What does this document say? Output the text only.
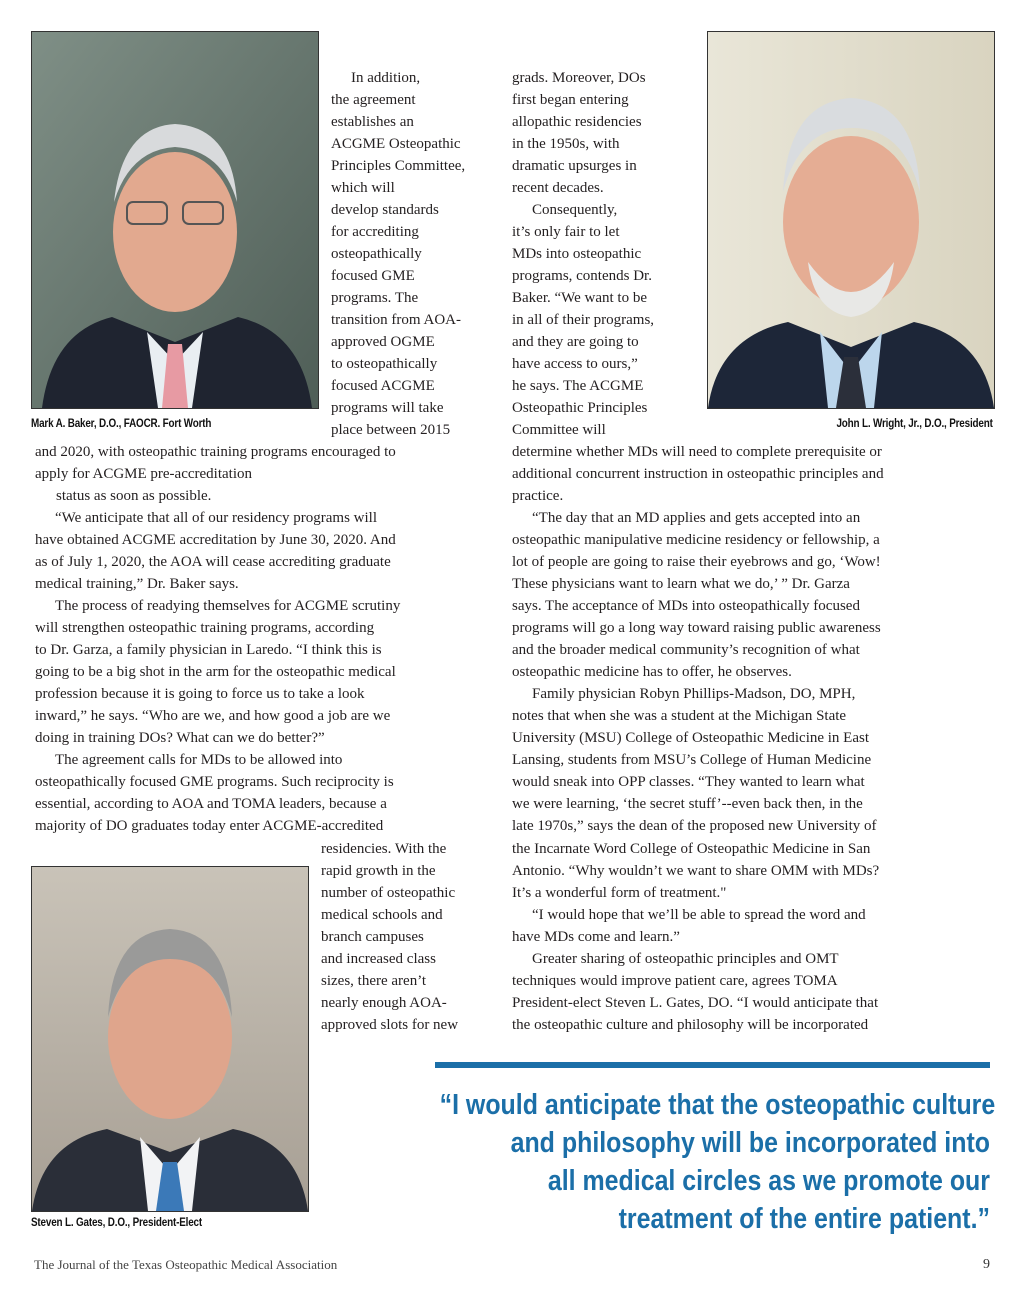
Mark A. Baker, D.O., FAOCR. Fort Worth	John L. Wright, Jr., D.O., President
Steven L. Gates, D.O., President-Elect
In addition,
the agreement
establishes an
ACGME Osteopathic
Principles Committee,
which will
develop standards
for accrediting
osteopathically
focused GME
programs. The
transition from AOA-
approved OGME
to osteopathically
focused ACGME
programs will take
place between 2015
and 2020, with osteopathic training programs encouraged to
apply for ACGME pre-accreditation
status as soon as possible.
“We anticipate that all of our residency programs will
have obtained ACGME accreditation by June 30, 2020. And
as of July 1, 2020, the AOA will cease accrediting graduate
medical training,” Dr. Baker says.
The process of readying themselves for ACGME scrutiny
will strengthen osteopathic training programs, according
to Dr. Garza, a family physician in Laredo. “I think this is
going to be a big shot in the arm for the osteopathic medical
profession because it is going to force us to take a look
inward,” he says. “Who are we, and how good a job are we
doing in training DOs? What can we do better?”
The agreement calls for MDs to be allowed into
osteopathically focused GME programs. Such reciprocity is
essential, according to AOA and TOMA leaders, because a
majority of DO graduates today enter ACGME-accredited
residencies. With the
rapid growth in the
number of osteopathic
medical schools and
branch campuses
and increased class
sizes, there aren’t
nearly enough AOA-
approved slots for new
grads. Moreover, DOs
first began entering
allopathic residencies
in the 1950s, with
dramatic upsurges in
recent decades.
Consequently,
it’s only fair to let
MDs into osteopathic
programs, contends Dr.
Baker. “We want to be
in all of their programs,
and they are going to
have access to ours,”
he says. The ACGME
Osteopathic Principles
Committee will
determine whether MDs will need to complete prerequisite or
additional concurrent instruction in osteopathic principles and
practice.
“The day that an MD applies and gets accepted into an
osteopathic manipulative medicine residency or fellowship, a
lot of people are going to raise their eyebrows and go, ‘Wow!
These physicians want to learn what we do,’ ” Dr. Garza
says. The acceptance of MDs into osteopathically focused
programs will go a long way toward raising public awareness
and the broader medical community’s recognition of what
osteopathic medicine has to offer, he observes.
Family physician Robyn Phillips-Madson, DO, MPH,
notes that when she was a student at the Michigan State
University (MSU) College of Osteopathic Medicine in East
Lansing, students from MSU’s College of Human Medicine
would sneak into OPP classes. “They wanted to learn what
we were learning, ‘the secret stuff’--even back then, in the
late 1970s,” says the dean of the proposed new University of
the Incarnate Word College of Osteopathic Medicine in San
Antonio. “Why wouldn’t we want to share OMM with MDs?
It’s a wonderful form of treatment."
“I would hope that we’ll be able to spread the word and
have MDs come and learn.”
Greater sharing of osteopathic principles and OMT
techniques would improve patient care, agrees TOMA
President-elect Steven L. Gates, DO. “I would anticipate that
the osteopathic culture and philosophy will be incorporated
“I would anticipate that the osteopathic culture
and philosophy will be incorporated into
all medical circles as we promote our
treatment of the entire patient.”
The Journal of the Texas Osteopathic Medical Association	9
